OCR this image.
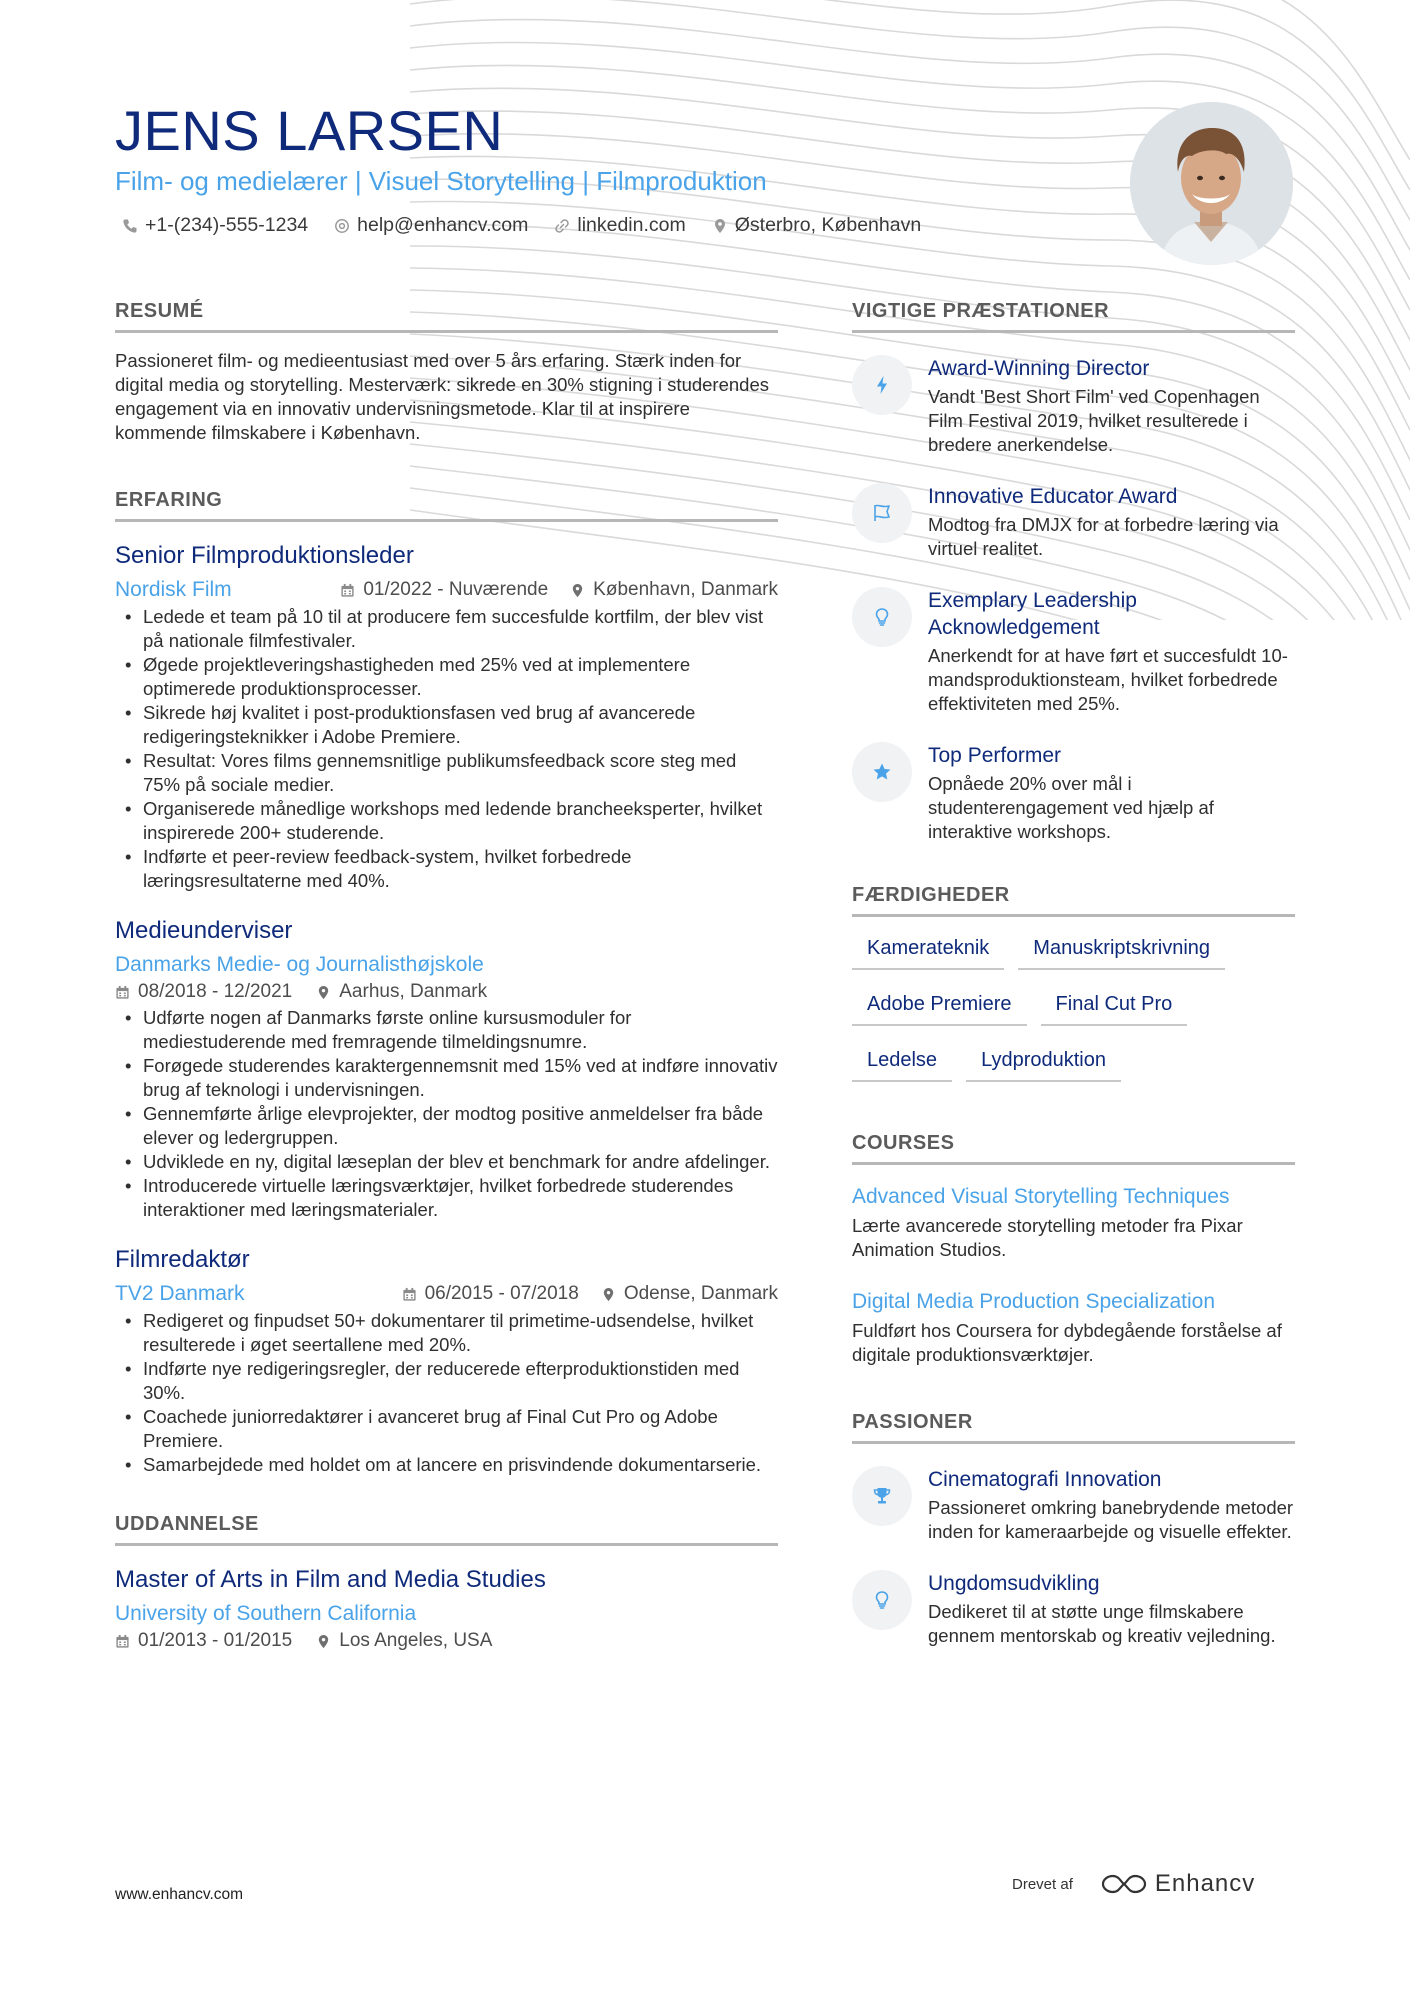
JENS LARSEN
Film- og medielærer | Visuel Storytelling | Filmproduktion
+1-(234)-555-1234	help@enhancv.com	linkedin.com	Østerbro, København
RESUMÉ

Passioneret film- og medieentusiast med over 5 års erfaring. Stærk inden for digital media og storytelling. Mesterværk: sikrede en 30% stigning i studerendes engagement via en innovativ undervisningsmetode. Klar til at inspirere kommende filmskabere i København.

ERFARING
Senior Filmproduktionsleder
Nordisk Film	01/2022 - Nuværende København, Danmark
• Ledede et team på 10 til at producere fem succesfulde kortfilm, der blev vist på nationale filmfestivaler.
• Øgede projektleveringshastigheden med 25% ved at implementere optimerede produktionsprocesser.
• Sikrede høj kvalitet i post-produktionsfasen ved brug af avancerede redigeringsteknikker i Adobe Premiere.
• Resultat: Vores films gennemsnitlige publikumsfeedback score steg med 75% på sociale medier.
• Organiserede månedlige workshops med ledende brancheeksperter, hvilket inspirerede 200+ studerende.
• Indførte et peer-review feedback-system, hvilket forbedrede læringsresultaterne med 40%.
Medieunderviser
Danmarks Medie- og Journalisthøjskole
08/2018 - 12/2021 Aarhus, Danmark
• Udførte nogen af Danmarks første online kursusmoduler for mediestuderende med fremragende tilmeldingsnumre.
• Forøgede studerendes karaktergennemsnit med 15% ved at indføre innovativ brug af teknologi i undervisningen.
• Gennemførte årlige elevprojekter, der modtog positive anmeldelser fra både elever og ledergruppen.
• Udviklede en ny, digital læseplan der blev et benchmark for andre afdelinger.
• Introducerede virtuelle læringsværktøjer, hvilket forbedrede studerendes interaktioner med læringsmaterialer.
Filmredaktør
TV2 Danmark	06/2015 - 07/2018 Odense, Danmark
• Redigeret og finpudset 50+ dokumentarer til primetime-udsendelse, hvilket resulterede i øget seertallene med 20%.
• Indførte nye redigeringsregler, der reducerede efterproduktionstiden med 30%.
• Coachede juniorredaktører i avanceret brug af Final Cut Pro og Adobe Premiere.
• Samarbejdede med holdet om at lancere en prisvindende dokumentarserie.
UDDANNELSE
Master of Arts in Film and Media Studies
University of Southern California
01/2013 - 01/2015 Los Angeles, USA
VIGTIGE PRÆSTATIONER
Award-Winning Director
Vandt 'Best Short Film' ved Copenhagen Film Festival 2019, hvilket resulterede i bredere anerkendelse.
Innovative Educator Award
Modtog fra DMJX for at forbedre læring via virtuel realitet.
Exemplary Leadership Acknowledgement
Anerkendt for at have ført et succesfuldt 10-mandsproduktionsteam, hvilket forbedrede effektiviteten med 25%.
Top Performer
Opnåede 20% over mål i studenterengagement ved hjælp af interaktive workshops.
FÆRDIGHEDER
Kamerateknik	Manuskriptskrivning
Adobe Premiere	Final Cut Pro
Ledelse	Lydproduktion
COURSES
Advanced Visual Storytelling Techniques
Lærte avancerede storytelling metoder fra Pixar Animation Studios.
Digital Media Production Specialization
Fuldført hos Coursera for dybdegående forståelse af digitale produktionsværktøjer.
PASSIONER
Cinematografi Innovation
Passioneret omkring banebrydende metoder inden for kameraarbejde og visuelle effekter.
Ungdomsudvikling
Dedikeret til at støtte unge filmskabere gennem mentorskab og kreativ vejledning.
www.enhancv.com
Drevet af	Enhancv
